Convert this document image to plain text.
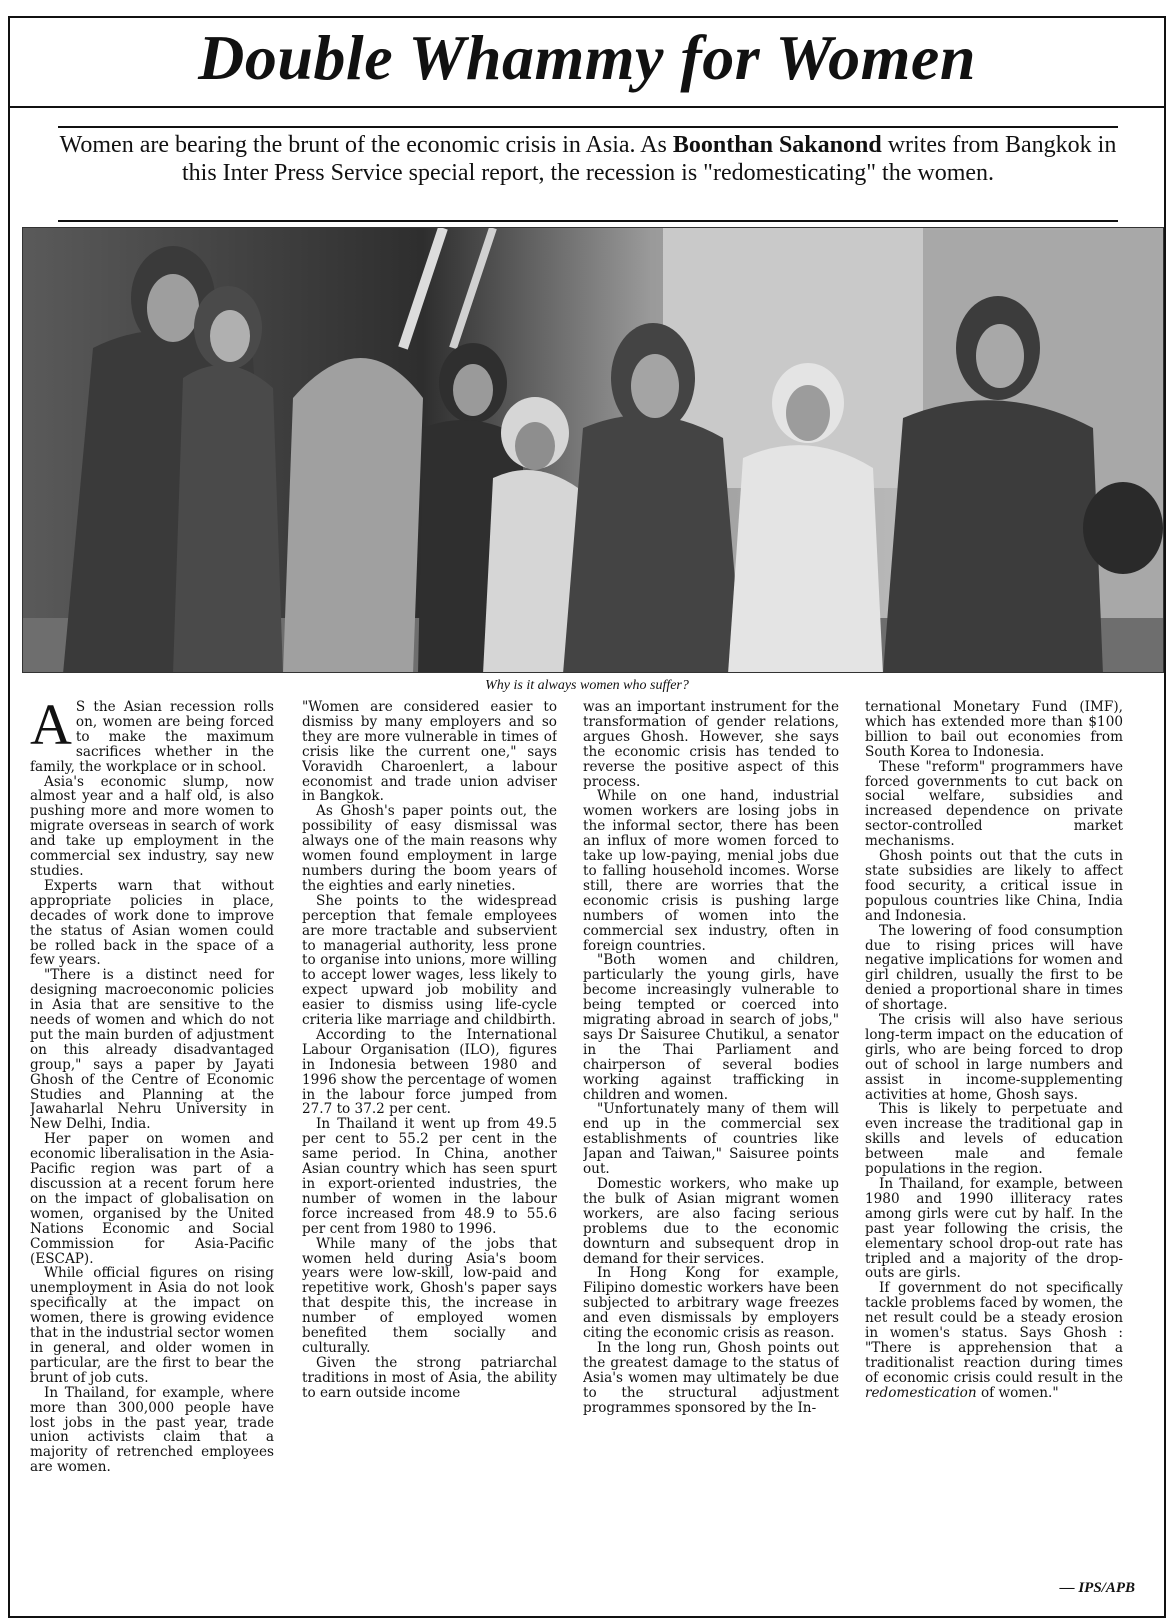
Double Whammy for Women
Women are bearing the brunt of the economic crisis in Asia. As Boonthan Sakanond writes from Bangkok in this Inter Press Service special report, the recession is "redomesticating" the women.
Why is it always women who suffer?

A S the Asian recession rolls on, women are being forced to make the maximum sacrifices whether in the family, the workplace or in school.

Asia's economic slump, now almost year and a half old, is also pushing more and more women to migrate overseas in search of work and take up employment in the commercial sex industry, say new studies.

Experts warn that without appropriate policies in place, decades of work done to improve the status of Asian women could be rolled back in the space of a few years.

"There is a distinct need for designing macroeconomic policies in Asia that are sensitive to the needs of women and which do not put the main burden of adjustment on this already disadvantaged group," says a paper by Jayati Ghosh of the Centre of Economic Studies and Planning at the Jawaharlal Nehru University in New Delhi, India.

Her paper on women and economic liberalisation in the Asia-Pacific region was part of a discussion at a recent forum here on the impact of globalisation on women, organised by the United Nations Economic and Social Commission for Asia-Pacific (ESCAP).

While official figures on rising unemployment in Asia do not look specifically at the impact on women, there is growing evidence that in the industrial sector women in general, and older women in particular, are the first to bear the brunt of job cuts.

In Thailand, for example, where more than 300,000 people have lost jobs in the past year, trade union activists claim that a majority of retrenched employees are women.

"Women are considered easier to dismiss by many employers and so they are more vulnerable in times of crisis like the current one," says Voravidh Charoenlert, a labour economist and trade union adviser in Bangkok.

As Ghosh's paper points out, the possibility of easy dismissal was always one of the main reasons why women found employment in large numbers during the boom years of the eighties and early nineties.

She points to the widespread perception that female employees are more tractable and subservient to managerial authority, less prone to organise into unions, more willing to accept lower wages, less likely to expect upward job mobility and easier to dismiss using life-cycle criteria like marriage and childbirth.

According to the International Labour Organisation (ILO), figures in Indonesia between 1980 and 1996 show the percentage of women in the labour force jumped from 27.7 to 37.2 per cent.

In Thailand it went up from 49.5 per cent to 55.2 per cent in the same period. In China, another Asian country which has seen spurt in export-oriented industries, the number of women in the labour force increased from 48.9 to 55.6 per cent from 1980 to 1996.

While many of the jobs that women held during Asia's boom years were low-skill, low-paid and repetitive work, Ghosh's paper says that despite this, the increase in number of employed women benefited them socially and culturally.

Given the strong patriarchal traditions in most of Asia, the ability to earn outside income

was an important instrument for the transformation of gender relations, argues Ghosh. However, she says the economic crisis has tended to reverse the positive aspect of this process.

While on one hand, industrial women workers are losing jobs in the informal sector, there has been an influx of more women forced to take up low-paying, menial jobs due to falling household incomes. Worse still, there are worries that the economic crisis is pushing large numbers of women into the commercial sex industry, often in foreign countries.

"Both women and children, particularly the young girls, have become increasingly vulnerable to being tempted or coerced into migrating abroad in search of jobs," says Dr Saisuree Chutikul, a senator in the Thai Parliament and chairperson of several bodies working against trafficking in children and women.

"Unfortunately many of them will end up in the commercial sex establishments of countries like Japan and Taiwan," Saisuree points out.

Domestic workers, who make up the bulk of Asian migrant women workers, are also facing serious problems due to the economic downturn and subsequent drop in demand for their services.

In Hong Kong for example, Filipino domestic workers have been subjected to arbitrary wage freezes and even dismissals by employers citing the economic crisis as reason.

In the long run, Ghosh points out the greatest damage to the status of Asia's women may ultimately be due to the structural adjustment programmes sponsored by the In-

ternational Monetary Fund (IMF), which has extended more than $100 billion to bail out economies from South Korea to Indonesia.

These "reform" programmers have forced governments to cut back on social welfare, subsidies and increased dependence on private sector-controlled market mechanisms.

Ghosh points out that the cuts in state subsidies are likely to affect food security, a critical issue in populous countries like China, India and Indonesia.

The lowering of food consumption due to rising prices will have negative implications for women and girl children, usually the first to be denied a proportional share in times of shortage.

The crisis will also have serious long-term impact on the education of girls, who are being forced to drop out of school in large numbers and assist in income-supplementing activities at home, Ghosh says.

This is likely to perpetuate and even increase the traditional gap in skills and levels of education between male and female populations in the region.

In Thailand, for example, between 1980 and 1990 illiteracy rates among girls were cut by half. In the past year following the crisis, the elementary school drop-out rate has tripled and a majority of the drop-outs are girls.

If government do not specifically tackle problems faced by women, the net result could be a steady erosion in women's status. Says Ghosh : "There is apprehension that a traditionalist reaction during times of economic crisis could result in the redomestication of women."

— IPS/APB
